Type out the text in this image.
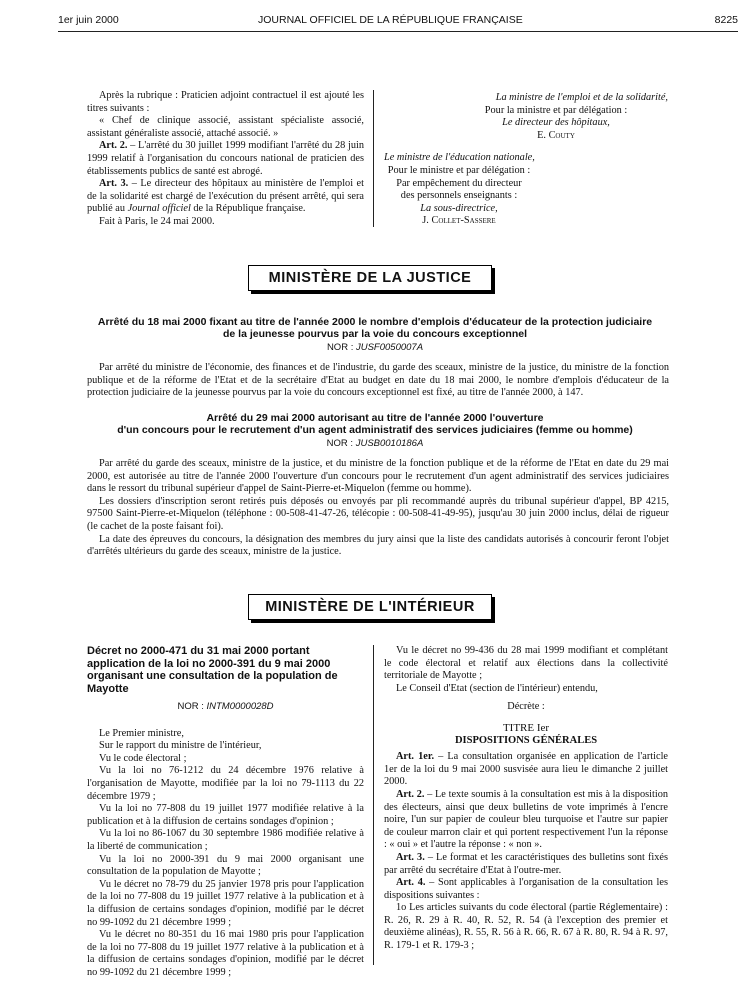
1er juin 2000	JOURNAL OFFICIEL DE LA RÉPUBLIQUE FRANÇAISE	8225

Après la rubrique : Praticien adjoint contractuel il est ajouté les titres suivants :

« Chef de clinique associé, assistant spécialiste associé, assistant généraliste associé, attaché associé. »

Art. 2. – L'arrêté du 30 juillet 1999 modifiant l'arrêté du 28 juin 1999 relatif à l'organisation du concours national de praticien des établissements publics de santé est abrogé.

Art. 3. – Le directeur des hôpitaux au ministère de l'emploi et de la solidarité est chargé de l'exécution du présent arrêté, qui sera publié au Journal officiel de la République française.

Fait à Paris, le 24 mai 2000.

La ministre de l'emploi et de la solidarité,
Pour la ministre et par délégation :
Le directeur des hôpitaux,
E. Couty
Le ministre de l'éducation nationale,
Pour le ministre et par délégation :
Par empêchement du directeur
des personnels enseignants :
La sous-directrice,
J. Collet-Sassere
MINISTÈRE DE LA JUSTICE
Arrêté du 18 mai 2000 fixant au titre de l'année 2000 le nombre d'emplois d'éducateur de la protection judiciaire
de la jeunesse pourvus par la voie du concours exceptionnel
NOR : JUSF0050007A

Par arrêté du ministre de l'économie, des finances et de l'industrie, du garde des sceaux, ministre de la justice, du ministre de la fonction publique et de la réforme de l'Etat et de la secrétaire d'Etat au budget en date du 18 mai 2000, le nombre d'emplois d'éducateur de la protection judiciaire de la jeunesse pourvus par la voie du concours exceptionnel est fixé, au titre de l'année 2000, à 147.

Arrêté du 29 mai 2000 autorisant au titre de l'année 2000 l'ouverture
d'un concours pour le recrutement d'un agent administratif des services judiciaires (femme ou homme)
NOR : JUSB0010186A

Par arrêté du garde des sceaux, ministre de la justice, et du ministre de la fonction publique et de la réforme de l'Etat en date du 29 mai 2000, est autorisée au titre de l'année 2000 l'ouverture d'un concours pour le recrutement d'un agent administratif des services judiciaires dans le ressort du tribunal supérieur d'appel de Saint-Pierre-et-Miquelon (femme ou homme).

Les dossiers d'inscription seront retirés puis déposés ou envoyés par pli recommandé auprès du tribunal supérieur d'appel, BP 4215, 97500 Saint-Pierre-et-Miquelon (téléphone : 00-508-41-47-26, télécopie : 00-508-41-49-95), jusqu'au 30 juin 2000 inclus, délai de rigueur (le cachet de la poste faisant foi).

La date des épreuves du concours, la désignation des membres du jury ainsi que la liste des candidats autorisés à concourir feront l'objet d'arrêtés ultérieurs du garde des sceaux, ministre de la justice.

MINISTÈRE DE L'INTÉRIEUR
Décret no 2000-471 du 31 mai 2000 portant application de la loi no 2000-391 du 9 mai 2000 organisant une consultation de la population de Mayotte
NOR : INTM0000028D

Le Premier ministre,

Sur le rapport du ministre de l'intérieur,

Vu le code électoral ;

Vu la loi no 76-1212 du 24 décembre 1976 relative à l'organisation de Mayotte, modifiée par la loi no 79-1113 du 22 décembre 1979 ;

Vu la loi no 77-808 du 19 juillet 1977 modifiée relative à la publication et à la diffusion de certains sondages d'opinion ;

Vu la loi no 86-1067 du 30 septembre 1986 modifiée relative à la liberté de communication ;

Vu la loi no 2000-391 du 9 mai 2000 organisant une consultation de la population de Mayotte ;

Vu le décret no 78-79 du 25 janvier 1978 pris pour l'application de la loi no 77-808 du 19 juillet 1977 relative à la publication et à la diffusion de certains sondages d'opinion, modifié par le décret no 99-1092 du 21 décembre 1999 ;

Vu le décret no 80-351 du 16 mai 1980 pris pour l'application de la loi no 77-808 du 19 juillet 1977 relative à la publication et à la diffusion de certains sondages d'opinion, modifié par le décret no 99-1092 du 21 décembre 1999 ;

Vu le décret no 99-436 du 28 mai 1999 modifiant et complétant le code électoral et relatif aux élections dans la collectivité territoriale de Mayotte ;

Le Conseil d'Etat (section de l'intérieur) entendu,

Décrète :
TITRE Ier
DISPOSITIONS GÉNÉRALES

Art. 1er. – La consultation organisée en application de l'article 1er de la loi du 9 mai 2000 susvisée aura lieu le dimanche 2 juillet 2000.

Art. 2. – Le texte soumis à la consultation est mis à la disposition des électeurs, ainsi que deux bulletins de vote imprimés à l'encre noire, l'un sur papier de couleur bleu turquoise et l'autre sur papier de couleur marron clair et qui portent respectivement l'un la réponse : « oui » et l'autre la réponse : « non ».

Art. 3. – Le format et les caractéristiques des bulletins sont fixés par arrêté du secrétaire d'Etat à l'outre-mer.

Art. 4. – Sont applicables à l'organisation de la consultation les dispositions suivantes :

1o Les articles suivants du code électoral (partie Réglementaire) : R. 26, R. 29 à R. 40, R. 52, R. 54 (à l'exception des premier et deuxième alinéas), R. 55, R. 56 à R. 66, R. 67 à R. 80, R. 94 à R. 97, R. 179-1 et R. 179-3 ;
